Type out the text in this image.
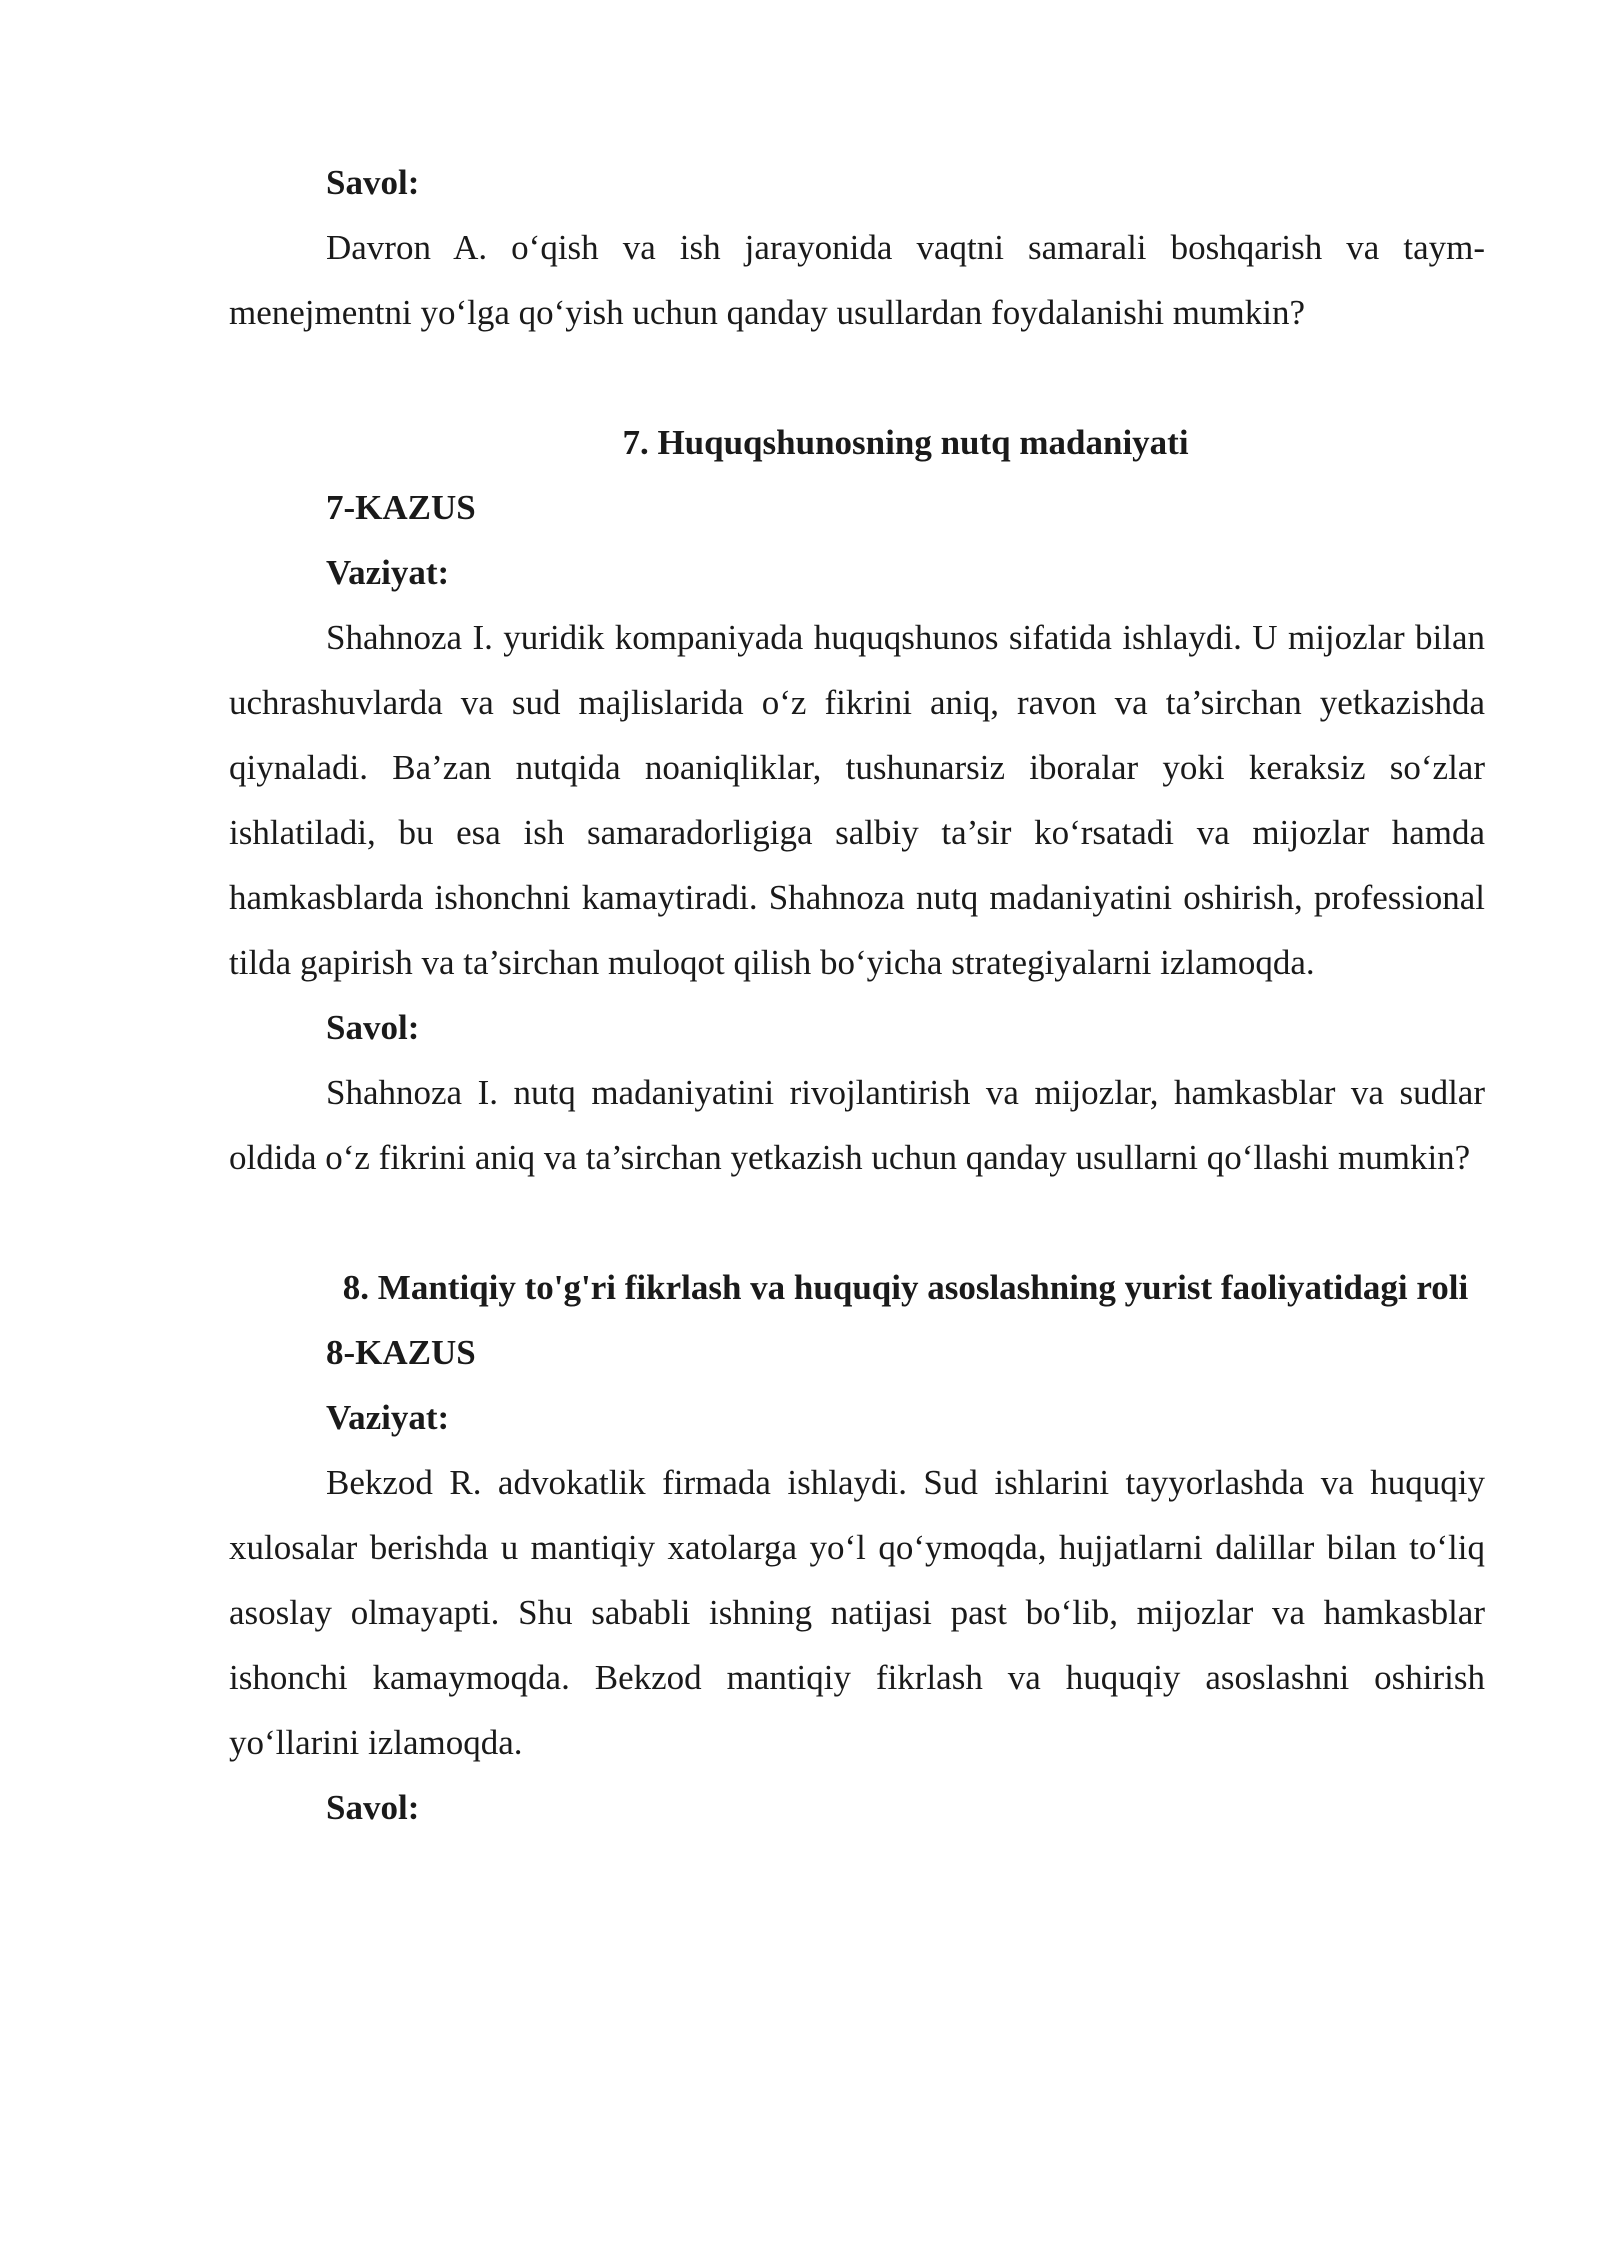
Savol:

Davron A. o‘qish va ish jarayonida vaqtni samarali boshqarish va taym-menejmentni yo‘lga qo‘yish uchun qanday usullardan foydalanishi mumkin?

7. Huquqshunosning nutq madaniyati

7-KAZUS

Vaziyat:

Shahnoza I. yuridik kompaniyada huquqshunos sifatida ishlaydi. U mijozlar bilan uchrashuvlarda va sud majlislarida o‘z fikrini aniq, ravon va ta’sirchan yetkazishda qiynaladi. Ba’zan nutqida noaniqliklar, tushunarsiz iboralar yoki keraksiz so‘zlar ishlatiladi, bu esa ish samaradorligiga salbiy ta’sir ko‘rsatadi va mijozlar hamda hamkasblarda ishonchni kamaytiradi. Shahnoza nutq madaniyatini oshirish, professional tilda gapirish va ta’sirchan muloqot qilish bo‘yicha strategiyalarni izlamoqda.

Savol:

Shahnoza I. nutq madaniyatini rivojlantirish va mijozlar, hamkasblar va sudlar oldida o‘z fikrini aniq va ta’sirchan yetkazish uchun qanday usullarni qo‘llashi mumkin?

8. Mantiqiy to'g'ri fikrlash va huquqiy asoslashning yurist faoliyatidagi roli

8-KAZUS

Vaziyat:

Bekzod R. advokatlik firmada ishlaydi. Sud ishlarini tayyorlashda va huquqiy xulosalar berishda u mantiqiy xatolarga yo‘l qo‘ymoqda, hujjatlarni dalillar bilan to‘liq asoslay olmayapti. Shu sababli ishning natijasi past bo‘lib, mijozlar va hamkasblar ishonchi kamaymoqda. Bekzod mantiqiy fikrlash va huquqiy asoslashni oshirish yo‘llarini izlamoqda.

Savol:
